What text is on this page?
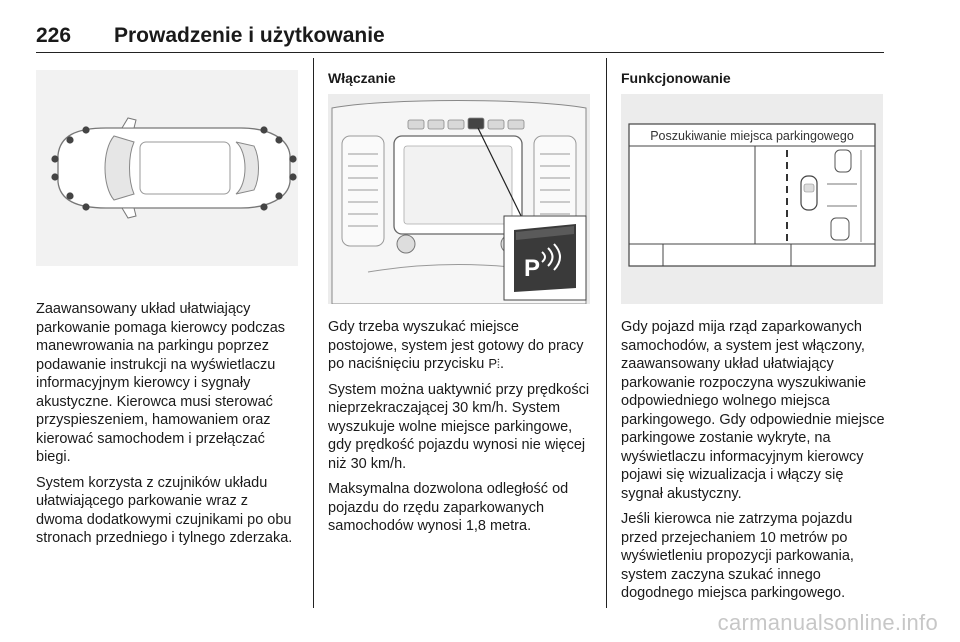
226 Prowadzenie i użytkowanie

Zaawansowany układ ułatwiający parkowanie pomaga kierowcy podczas manewrowania na parkingu poprzez podawanie instrukcji na wyświetlaczu informacyjnym kierowcy i sygnały akustyczne. Kierowca musi sterować przyspieszeniem, hamowaniem oraz kierować samochodem i przełączać biegi.

System korzysta z czujników układu ułatwiającego parkowanie wraz z dwoma dodatkowymi czujnikami po obu stronach przedniego i tylnego zderzaka.

Włączanie
P

Gdy trzeba wyszukać miejsce postojowe, system jest gotowy do pracy po naciśnięciu przycisku P⦙.

System można uaktywnić przy prędkości nieprzekraczającej 30 km/h. System wyszukuje wolne miejsce parkingowe, gdy prędkość pojazdu wynosi nie więcej niż 30 km/h.

Maksymalna dozwolona odległość od pojazdu do rzędu zaparkowanych samochodów wynosi 1,8 metra.

Funkcjonowanie
Poszukiwanie miejsca parkingowego

Gdy pojazd mija rząd zaparkowanych samochodów, a system jest włączony, zaawansowany układ ułatwiający parkowanie rozpoczyna wyszukiwanie odpowiedniego wolnego miejsca parkingowego. Gdy odpowiednie miejsce parkingowe zostanie wykryte, na wyświetlaczu informacyjnym kierowcy pojawi się wizualizacja i włączy się sygnał akustyczny.

Jeśli kierowca nie zatrzyma pojazdu przed przejechaniem 10 metrów po wyświetleniu propozycji parkowania, system zaczyna szukać innego dogodnego miejsca parkingowego.

carmanualsonline.info
